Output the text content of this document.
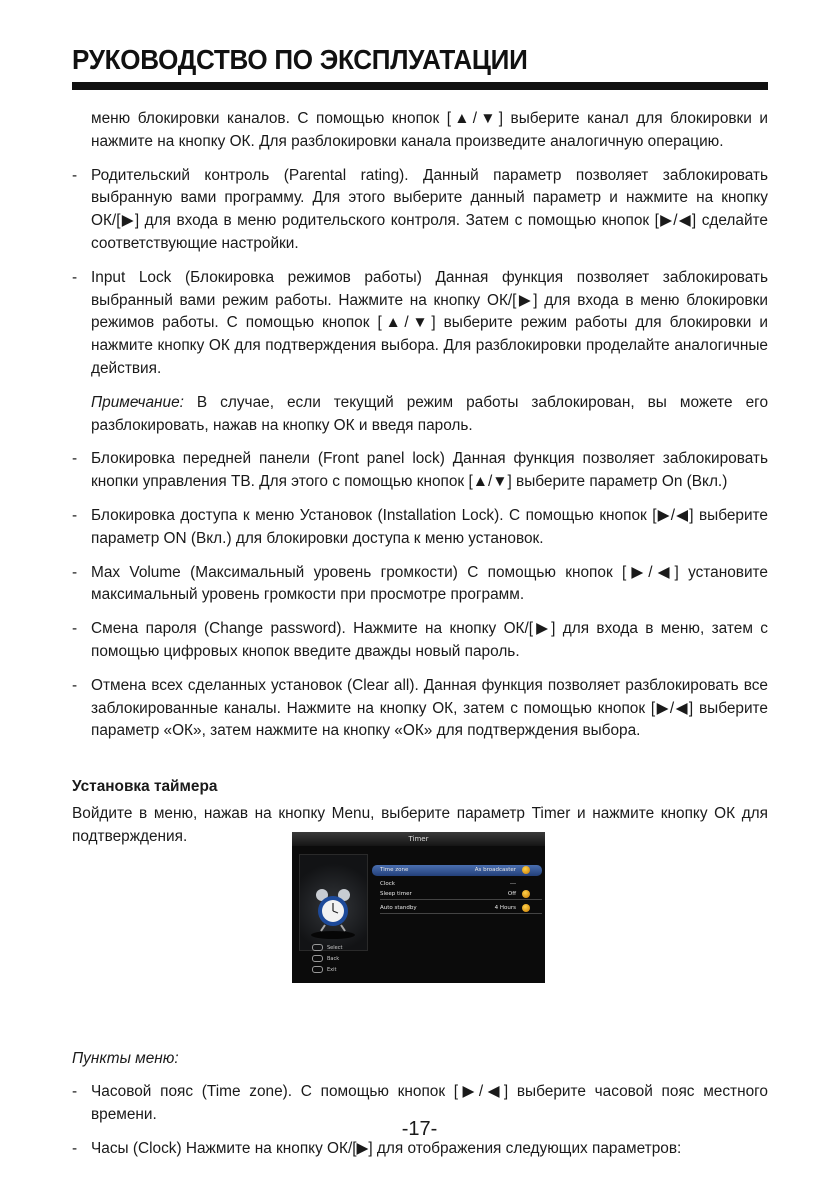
РУКОВОДСТВО ПО ЭКСПЛУАТАЦИИ

меню блокировки каналов. С помощью кнопок [▲/▼] выберите канал для блокировки и нажмите на кнопку ОК. Для разблокировки канала произведите аналогичную операцию.

- Родительский контроль (Parental rating). Данный параметр позволяет заблокировать выбранную вами программу. Для этого выберите данный параметр и нажмите на кнопку ОК/[▶] для входа в меню родительского контроля. Затем с помощью кнопок [▶/◀] сделайте соответствующие настройки.
- Input Lock (Блокировка режимов работы) Данная функция позволяет заблокировать выбранный вами режим работы. Нажмите на кнопку ОК/[▶] для входа в меню блокировки режимов работы. С помощью кнопок [▲/▼] выберите режим работы для блокировки и нажмите кнопку ОК для подтверждения выбора. Для разблокировки проделайте аналогичные действия.

Примечание: В случае, если текущий режим работы заблокирован, вы можете его разблокировать, нажав на кнопку ОК и введя пароль.

- Блокировка передней панели (Front panel lock) Данная функция позволяет заблокировать кнопки управления ТВ. Для этого с помощью кнопок [▲/▼] выберите параметр On (Вкл.)
- Блокировка доступа к меню Установок (Installation Lock). С помощью кнопок [▶/◀] выберите параметр ON (Вкл.) для блокировки доступа к меню установок.
- Max Volume (Максимальный уровень громкости) С помощью кнопок [▶/◀] установите максимальный уровень громкости при просмотре программ.
- Смена пароля (Change password). Нажмите на кнопку ОК/[▶] для входа в меню, затем с помощью цифровых кнопок введите дважды новый пароль.
- Отмена всех сделанных установок (Clear all). Данная функция позволяет разблокировать все заблокированные каналы. Нажмите на кнопку ОК, затем с помощью кнопок [▶/◀] выберите параметр «ОК», затем нажмите на кнопку «ОК» для подтверждения выбора.
Установка таймера

Войдите в меню, нажав на кнопку Menu, выберите параметр Timer и нажмите кнопку ОК для подтверждения.

Пункты меню:

- Часовой пояс (Time zone). С помощью кнопок [▶/◀] выберите часовой пояс местного времени.
- Часы (Clock) Нажмите на кнопку ОК/[▶] для отображения следующих параметров:
Timer
Select
Back
Exit
Time zone	As broadcaster
Clock	---
Sleep timer	Off
Auto standby	4 Hours
-17-
